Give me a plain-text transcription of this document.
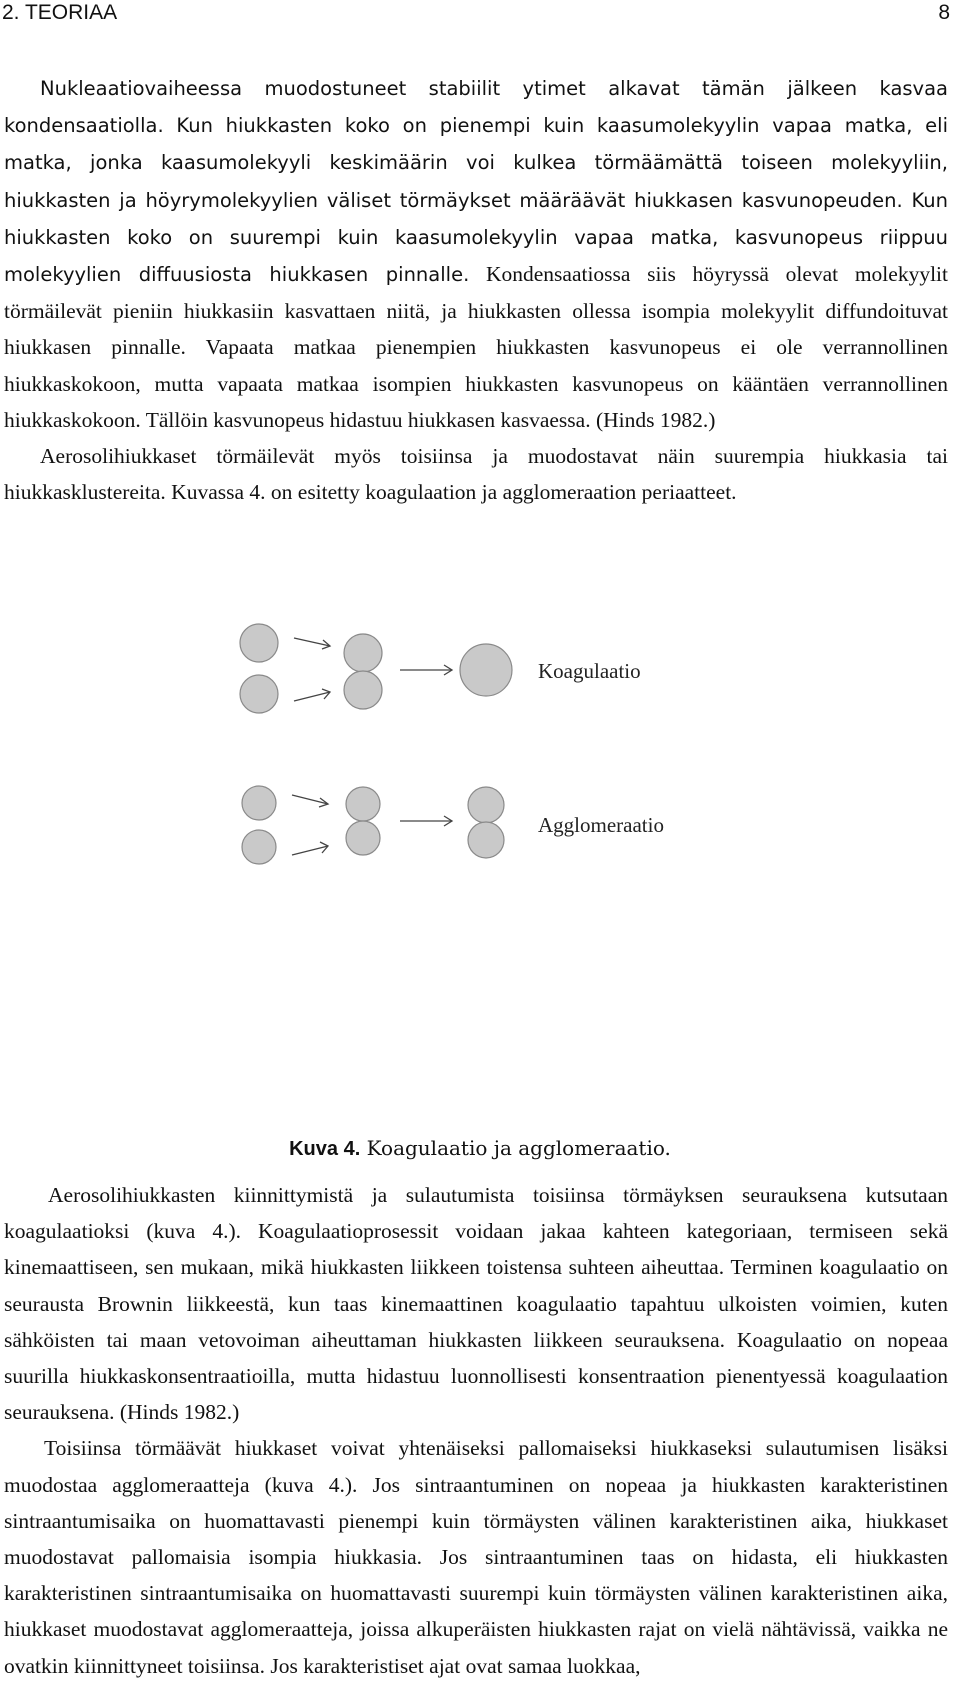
2. TEORIAA	8

Nukleaatiovaiheessa muodostuneet stabiilit ytimet alkavat tämän jälkeen kasvaa kondensaatiolla. Kun hiukkasten koko on pienempi kuin kaasumolekyylin vapaa matka, eli matka, jonka kaasumolekyyli keskimäärin voi kulkea törmäämättä toiseen molekyyliin, hiukkasten ja höyrymolekyylien väliset törmäykset määräävät hiukkasen kasvunopeuden. Kun hiukkasten koko on suurempi kuin kaasumolekyylin vapaa matka, kasvunopeus riippuu molekyylien diffuusiosta hiukkasen pinnalle. Kondensaatiossa siis höyryssä olevat molekyylit törmäilevät pieniin hiukkasiin kasvattaen niitä, ja hiukkasten ollessa isompia molekyylit diffundoituvat hiukkasen pinnalle. Vapaata matkaa pienempien hiukkasten kasvunopeus ei ole verrannollinen hiukkaskokoon, mutta vapaata matkaa isompien hiukkasten kasvunopeus on kääntäen verrannollinen hiukkaskokoon. Tällöin kasvunopeus hidastuu hiukkasen kasvaessa. (Hinds 1982.)

Aerosolihiukkaset törmäilevät myös toisiinsa ja muodostavat näin suurempia hiukkasia tai hiukkasklustereita. Kuvassa 4. on esitetty koagulaation ja agglomeraation periaatteet.

Koagulaatio
Agglomeraatio
Kuva 4. Koagulaatio ja agglomeraatio.

Aerosolihiukkasten kiinnittymistä ja sulautumista toisiinsa törmäyksen seurauksena kutsutaan koagulaatioksi (kuva 4.). Koagulaatioprosessit voidaan jakaa kahteen kategoriaan, termiseen sekä kinemaattiseen, sen mukaan, mikä hiukkasten liikkeen toistensa suhteen aiheuttaa. Terminen koagulaatio on seurausta Brownin liikkeestä, kun taas kinemaattinen koagulaatio tapahtuu ulkoisten voimien, kuten sähköisten tai maan vetovoiman aiheuttaman hiukkasten liikkeen seurauksena. Koagulaatio on nopeaa suurilla hiukkaskonsentraatioilla, mutta hidastuu luonnollisesti konsentraation pienentyessä koagulaation seurauksena. (Hinds 1982.)

Toisiinsa törmäävät hiukkaset voivat yhtenäiseksi pallomaiseksi hiukkaseksi sulautumisen lisäksi muodostaa agglomeraatteja (kuva 4.). Jos sintraantuminen on nopeaa ja hiukkasten karakteristinen sintraantumisaika on huomattavasti pienempi kuin törmäysten välinen karakteristinen aika, hiukkaset muodostavat pallomaisia isompia hiukkasia. Jos sintraantuminen taas on hidasta, eli hiukkasten karakteristinen sintraantumisaika on huomattavasti suurempi kuin törmäysten välinen karakteristinen aika, hiukkaset muodostavat agglomeraatteja, joissa alkuperäisten hiukkasten rajat on vielä nähtävissä, vaikka ne ovatkin kiinnittyneet toisiinsa. Jos karakteristiset ajat ovat samaa luokkaa,
